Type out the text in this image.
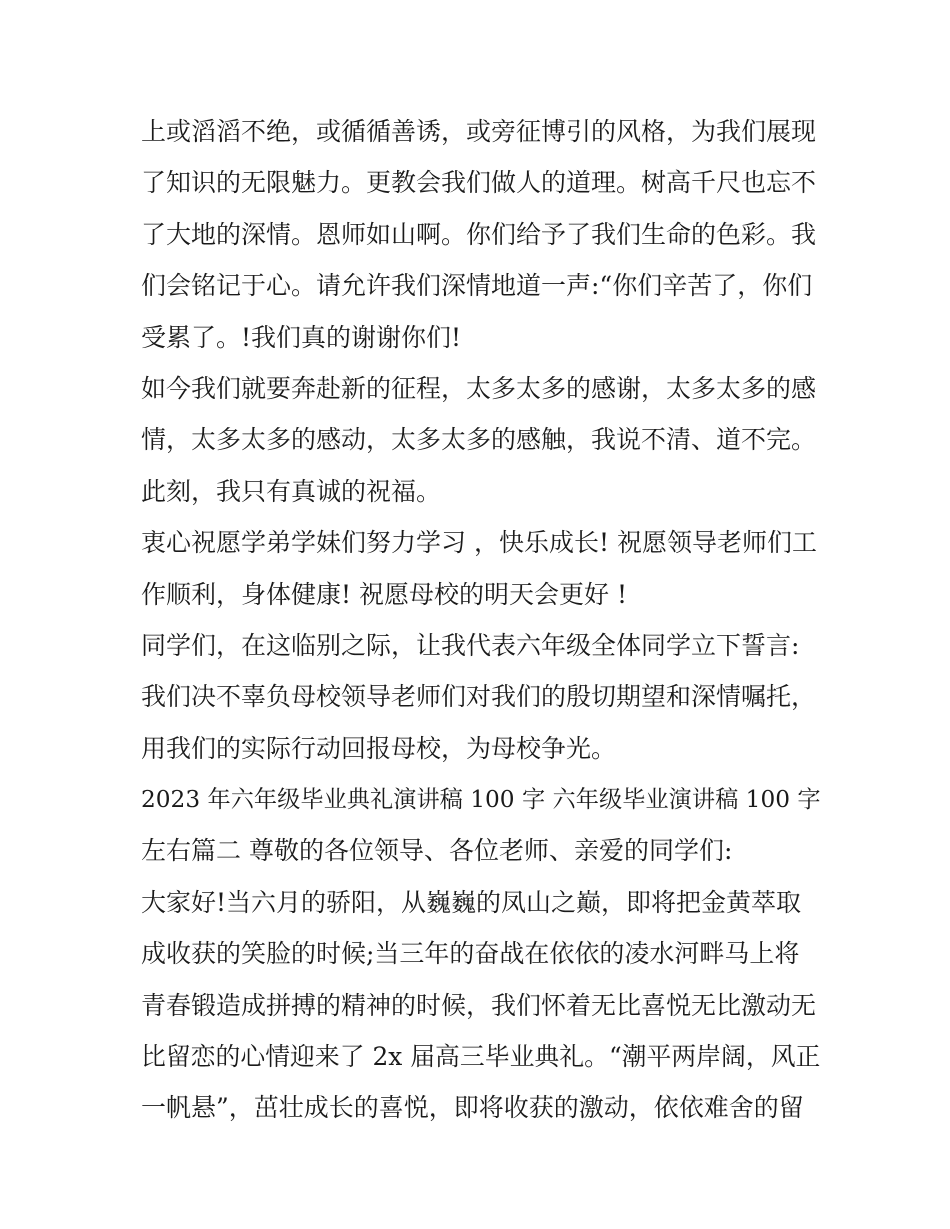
上或滔滔不绝，或循循善诱，或旁征博引的风格，为我们展现
了知识的无限魅力。更教会我们做人的道理。树高千尺也忘不
了大地的深情。恩师如山啊。你们给予了我们生命的色彩。我
们会铭记于心。请允许我们深情地道一声:“你们辛苦了，你们
受累了。!我们真的谢谢你们!
如今我们就要奔赴新的征程，太多太多的感谢，太多太多的感
情，太多太多的感动，太多太多的感触，我说不清、道不完。
此刻，我只有真诚的祝福。
衷心祝愿学弟学妹们努力学习 ，快乐成长! 祝愿领导老师们工
作顺利，身体健康! 祝愿母校的明天会更好 !
同学们，在这临别之际，让我代表六年级全体同学立下誓言:
我们决不辜负母校领导老师们对我们的殷切期望和深情嘱托，
用我们的实际行动回报母校，为母校争光。
2023 年六年级毕业典礼演讲稿 100 字 六年级毕业演讲稿 100 字
左右篇二 尊敬的各位领导、各位老师、亲爱的同学们:
大家好!当六月的骄阳，从巍巍的凤山之巅，即将把金黄萃取
成收获的笑脸的时候;当三年的奋战在依依的凌水河畔马上将
青春锻造成拼搏的精神的时候，我们怀着无比喜悦无比激动无
比留恋的心情迎来了 2x 届高三毕业典礼。“潮平两岸阔，风正
一帆悬”，茁壮成长的喜悦，即将收获的激动，依依难舍的留
